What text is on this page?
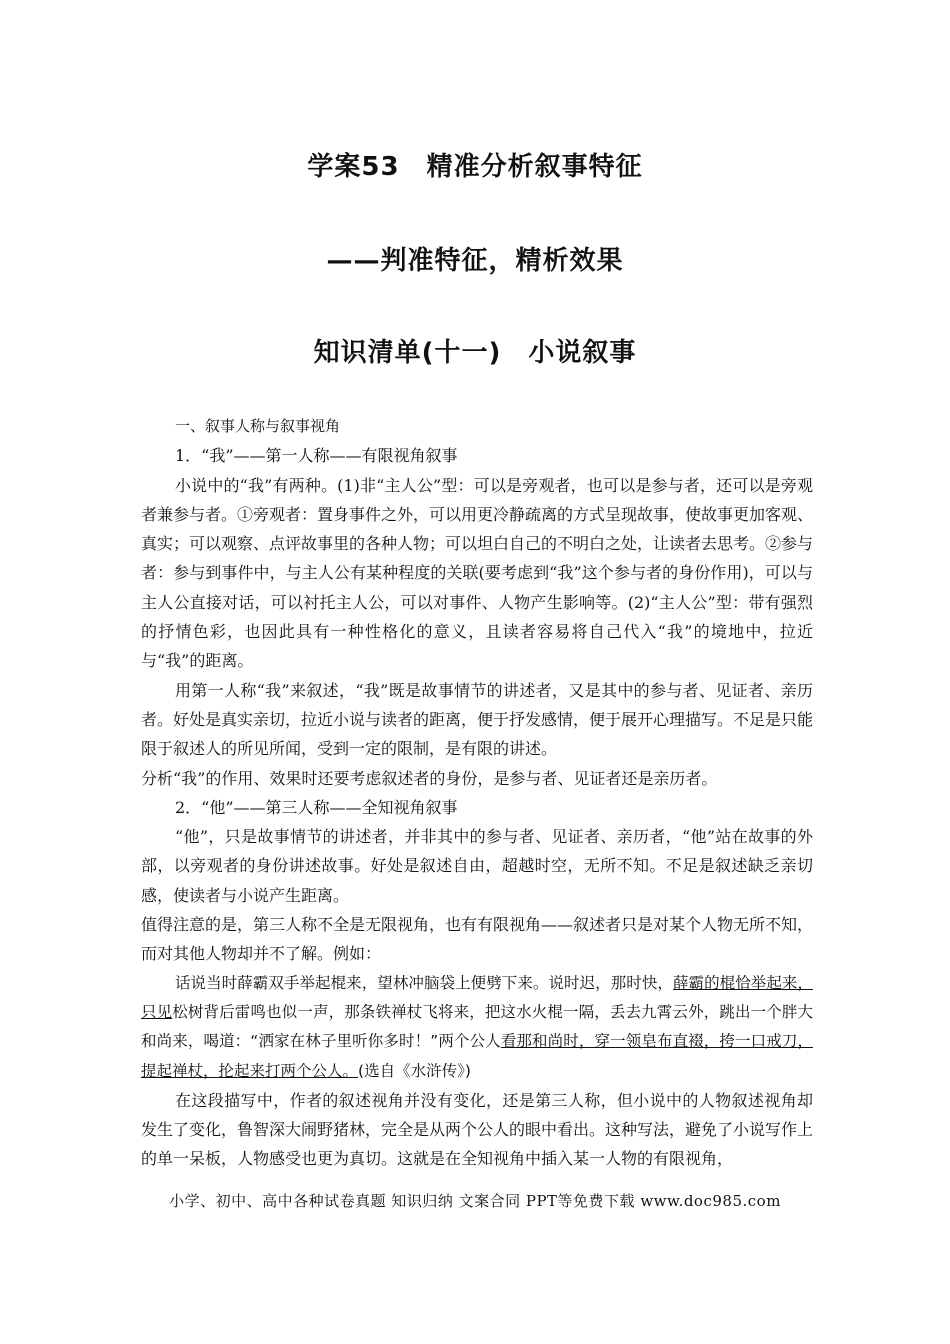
学案53　精准分析叙事特征
——判准特征，精析效果
知识清单(十一)　小说叙事

一、叙事人称与叙事视角

1．“我”——第一人称——有限视角叙事

小说中的“我”有两种。(1)非“主人公”型：可以是旁观者，也可以是参与者，还可以是旁观者兼参与者。①旁观者：置身事件之外，可以用更冷静疏离的方式呈现故事，使故事更加客观、真实；可以观察、点评故事里的各种人物；可以坦白自己的不明白之处，让读者去思考。②参与者：参与到事件中，与主人公有某种程度的关联(要考虑到“我”这个参与者的身份作用)，可以与主人公直接对话，可以衬托主人公，可以对事件、人物产生影响等。(2)“主人公”型：带有强烈的抒情色彩，也因此具有一种性格化的意义，且读者容易将自己代入“我”的境地中，拉近与“我”的距离。

用第一人称“我”来叙述，“我”既是故事情节的讲述者，又是其中的参与者、见证者、亲历者。好处是真实亲切，拉近小说与读者的距离，便于抒发感情，便于展开心理描写。不足是只能限于叙述人的所见所闻，受到一定的限制，是有限的讲述。

分析“我”的作用、效果时还要考虑叙述者的身份，是参与者、见证者还是亲历者。

2．“他”——第三人称——全知视角叙事

“他”，只是故事情节的讲述者，并非其中的参与者、见证者、亲历者，“他”站在故事的外部，以旁观者的身份讲述故事。好处是叙述自由，超越时空，无所不知。不足是叙述缺乏亲切感，使读者与小说产生距离。

值得注意的是，第三人称不全是无限视角，也有有限视角——叙述者只是对某个人物无所不知，而对其他人物却并不了解。例如：

话说当时薛霸双手举起棍来，望林冲脑袋上便劈下来。说时迟，那时快，薛霸的棍恰举起来，只见松树背后雷鸣也似一声，那条铁禅杖飞将来，把这水火棍一隔，丢去九霄云外，跳出一个胖大和尚来，喝道：“洒家在林子里听你多时！”两个公人看那和尚时，穿一领皂布直裰，挎一口戒刀，提起禅杖，抡起来打两个公人。(选自《水浒传》)

在这段描写中，作者的叙述视角并没有变化，还是第三人称，但小说中的人物叙述视角却发生了变化，鲁智深大闹野猪林，完全是从两个公人的眼中看出。这种写法，避免了小说写作上的单一呆板，人物感受也更为真切。这就是在全知视角中插入某一人物的有限视角，

小学、初中、高中各种试卷真题 知识归纳 文案合同 PPT等免费下载 www.doc985.com
